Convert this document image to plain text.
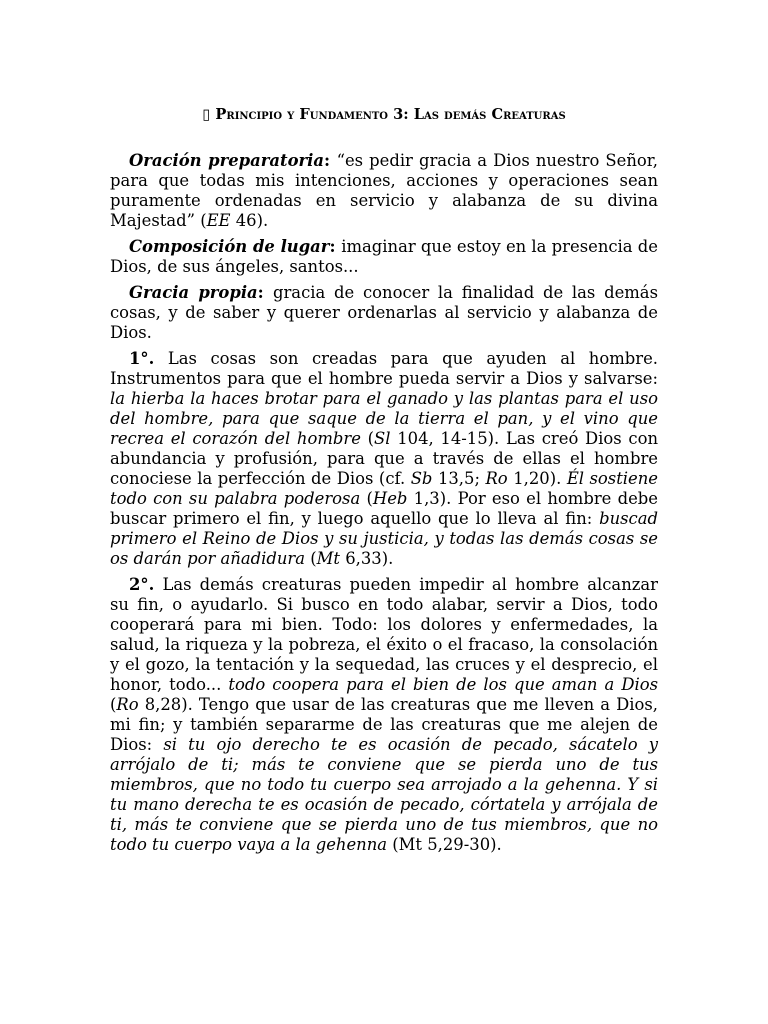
▯ Principio y Fundamento 3: Las demás Creaturas

Oración preparatoria: “es pedir gracia a Dios nuestro Señor, para que todas mis intenciones, acciones y operaciones sean puramente ordenadas en servicio y alabanza de su divina Majestad” (EE 46).

Composición de lugar: imaginar que estoy en la presencia de Dios, de sus ángeles, santos...

Gracia propia: gracia de conocer la finalidad de las demás cosas, y de saber y querer ordenarlas al servicio y alabanza de Dios.

1°. Las cosas son creadas para que ayuden al hombre. Instrumentos para que el hombre pueda servir a Dios y salvarse: la hierba la haces brotar para el ganado y las plantas para el uso del hombre, para que saque de la tierra el pan, y el vino que recrea el corazón del hombre (Sl 104, 14-15). Las creó Dios con abundancia y profusión, para que a través de ellas el hombre conociese la perfección de Dios (cf. Sb 13,5; Ro 1,20). Él sostiene todo con su palabra poderosa (Heb 1,3). Por eso el hombre debe buscar primero el fin, y luego aquello que lo lleva al fin: buscad primero el Reino de Dios y su justicia, y todas las demás cosas se os darán por añadidura (Mt 6,33).

2°. Las demás creaturas pueden impedir al hombre alcanzar su fin, o ayudarlo. Si busco en todo alabar, servir a Dios, todo cooperará para mi bien. Todo: los dolores y enfermedades, la salud, la riqueza y la pobreza, el éxito o el fracaso, la consolación y el gozo, la tentación y la sequedad, las cruces y el desprecio, el honor, todo... todo coopera para el bien de los que aman a Dios (Ro 8,28). Tengo que usar de las creaturas que me lleven a Dios, mi fin; y también separarme de las creaturas que me alejen de Dios: si tu ojo derecho te es ocasión de pecado, sácatelo y arrójalo de ti; más te conviene que se pierda uno de tus miembros, que no todo tu cuerpo sea arrojado a la gehenna. Y si tu mano derecha te es ocasión de pecado, córtatela y arrójala de ti, más te conviene que se pierda uno de tus miembros, que no todo tu cuerpo vaya a la gehenna (Mt 5,29-30).
